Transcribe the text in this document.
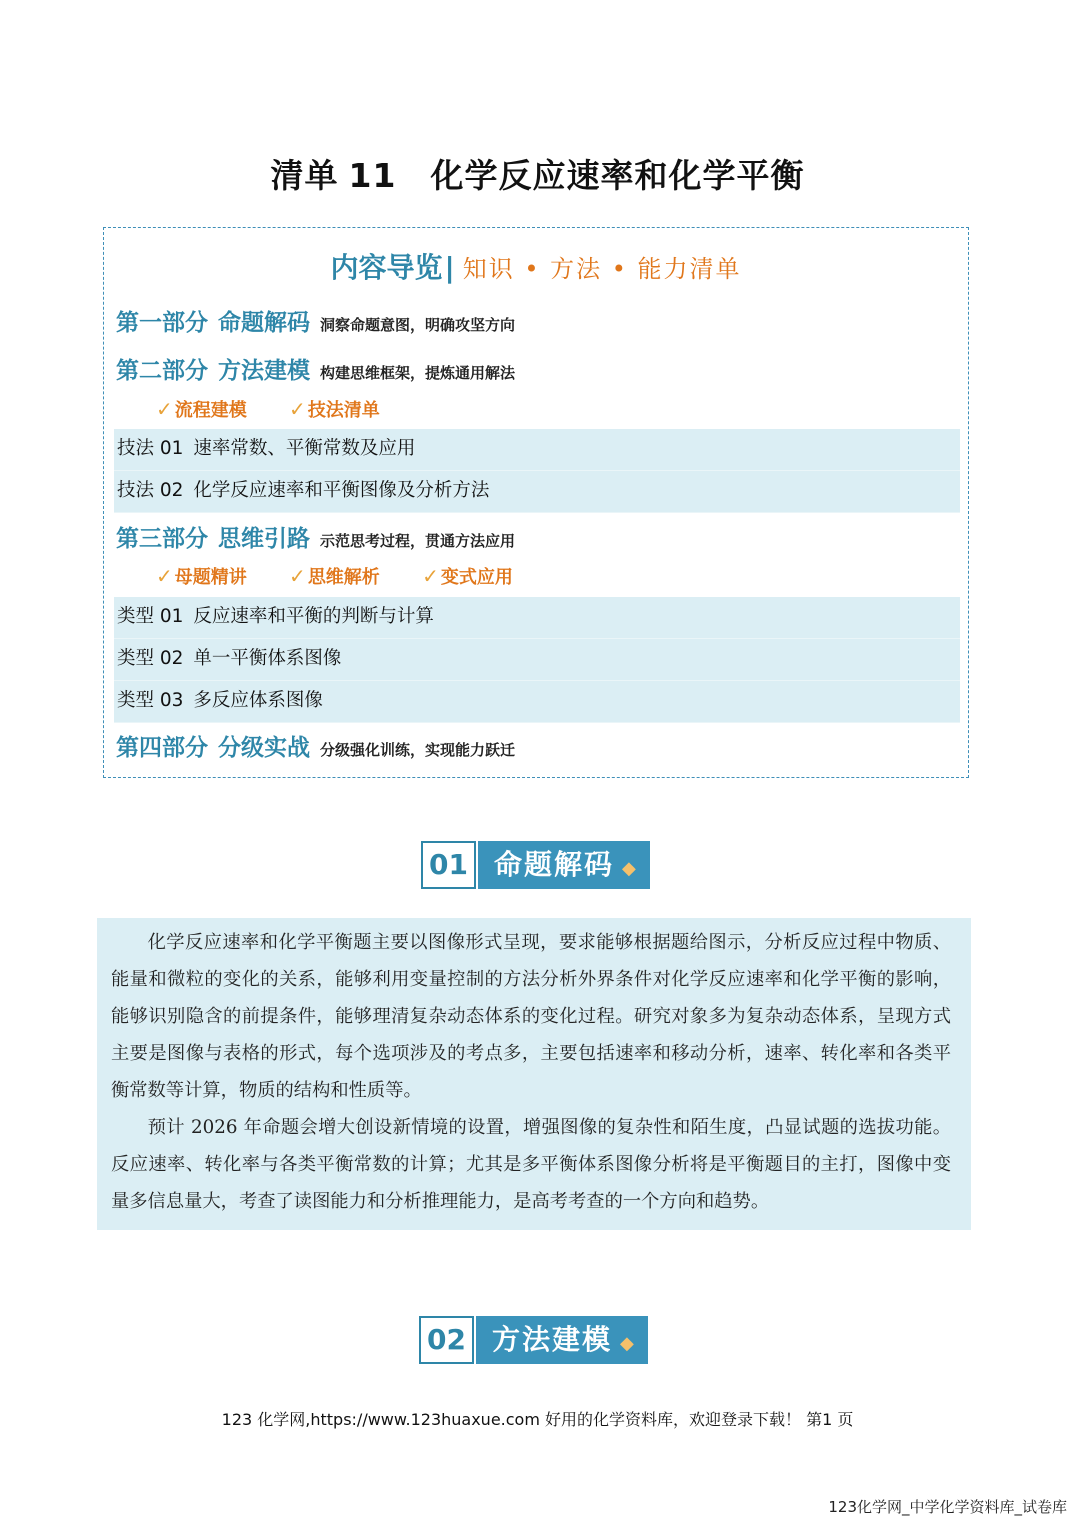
清单 11 化学反应速率和化学平衡
内容导览| 知识 • 方法 • 能力清单
第一部分 命题解码 洞察命题意图，明确攻坚方向
第二部分 方法建模 构建思维框架，提炼通用解法
✓ 流程建模 ✓ 技法清单
技法 01 速率常数、平衡常数及应用
技法 02 化学反应速率和平衡图像及分析方法
第三部分 思维引路 示范思考过程，贯通方法应用
✓ 母题精讲 ✓ 思维解析 ✓ 变式应用
类型 01 反应速率和平衡的判断与计算
类型 02 单一平衡体系图像
类型 03 多反应体系图像
第四部分 分级实战 分级强化训练，实现能力跃迁
01 命题解码 ◆

化学反应速率和化学平衡题主要以图像形式呈现，要求能够根据题给图示，分析反应过程中物质、能量和微粒的变化的关系，能够利用变量控制的方法分析外界条件对化学反应速率和化学平衡的影响，能够识别隐含的前提条件，能够理清复杂动态体系的变化过程。研究对象多为复杂动态体系，呈现方式主要是图像与表格的形式，每个选项涉及的考点多，主要包括速率和移动分析，速率、转化率和各类平衡常数等计算，物质的结构和性质等。

预计 2026 年命题会增大创设新情境的设置，增强图像的复杂性和陌生度，凸显试题的选拔功能。反应速率、转化率与各类平衡常数的计算；尤其是多平衡体系图像分析将是平衡题目的主打，图像中变量多信息量大，考查了读图能力和分析推理能力，是高考考查的一个方向和趋势。

02 方法建模 ◆
123 化学网,https://www.123huaxue.com 好用的化学资料库，欢迎登录下载！ 第1 页
123化学网_中学化学资料库_试卷库
